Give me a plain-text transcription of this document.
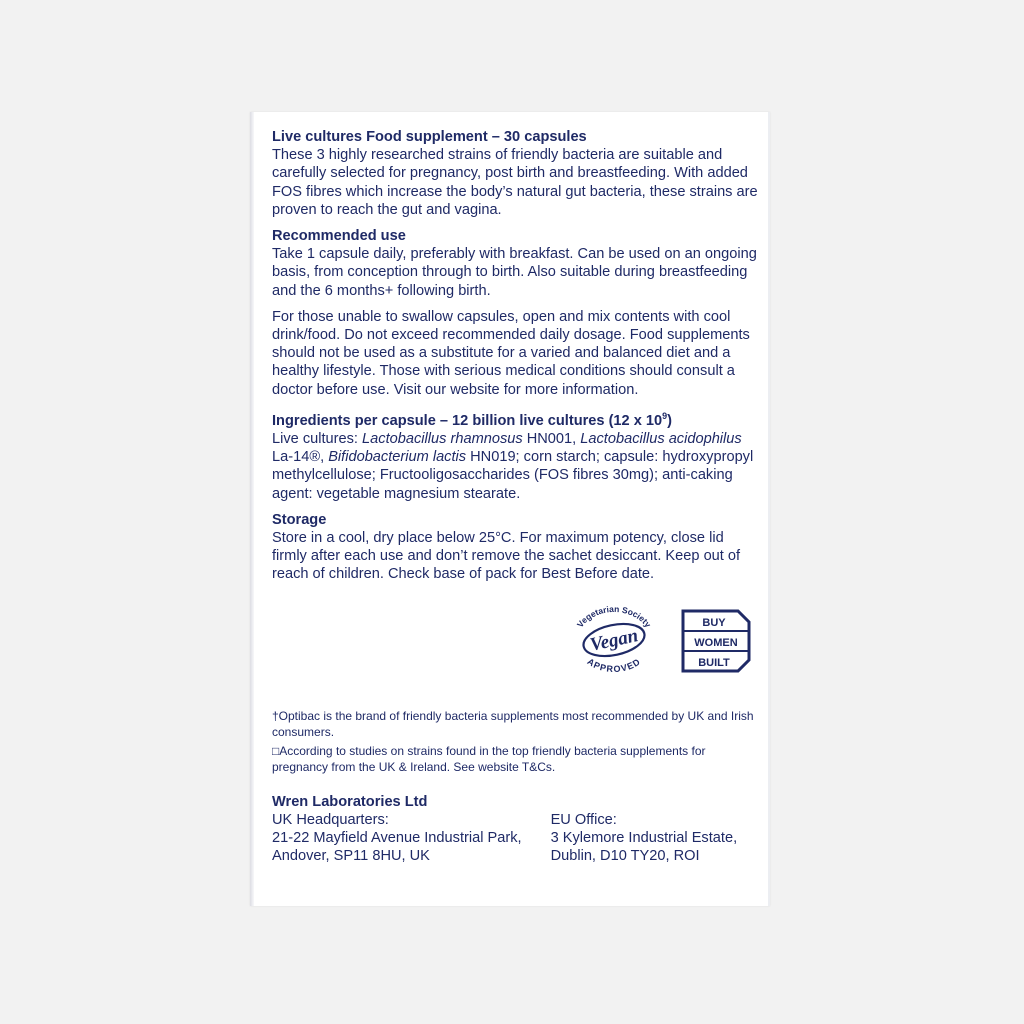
Live cultures Food supplement – 30 capsules

These 3 highly researched strains of friendly bacteria are suitable and carefully selected for pregnancy, post birth and breastfeeding. With added FOS fibres which increase the body’s natural gut bacteria, these strains are proven to reach the gut and vagina.

Recommended use

Take 1 capsule daily, preferably with breakfast. Can be used on an ongoing basis, from conception through to birth. Also suitable during breastfeeding and the 6 months+ following birth.

For those unable to swallow capsules, open and mix contents with cool drink/food. Do not exceed recommended daily dosage. Food supplements should not be used as a substitute for a varied and balanced diet and a healthy lifestyle. Those with serious medical conditions should consult a doctor before use. Visit our website for more information.

Ingredients per capsule – 12 billion live cultures (12 x $10^9$)

Live cultures: Lactobacillus rhamnosus HN001, Lactobacillus acidophilus La-14®, Bifidobacterium lactis HN019; corn starch; capsule: hydroxypropyl methylcellulose; Fructooligosaccharides (FOS fibres 30mg); anti-caking agent: vegetable magnesium stearate.

Storage

Store in a cool, dry place below 25°C. For maximum potency, close lid firmly after each use and don’t remove the sachet desiccant. Keep out of reach of children. Check base of pack for Best Before date.

Vegetarian Society
Vegan
APPROVED
BUY
WOMEN
BUILT

†Optibac is the brand of friendly bacteria supplements most recommended by UK and Irish consumers.

□According to studies on strains found in the top friendly bacteria supplements for pregnancy from the UK & Ireland. See website T&Cs.

Wren Laboratories Ltd
UK Headquarters:
21-22 Mayfield Avenue Industrial Park,
Andover, SP11 8HU, UK
EU Office:
3 Kylemore Industrial Estate,
Dublin, D10 TY20, ROI
